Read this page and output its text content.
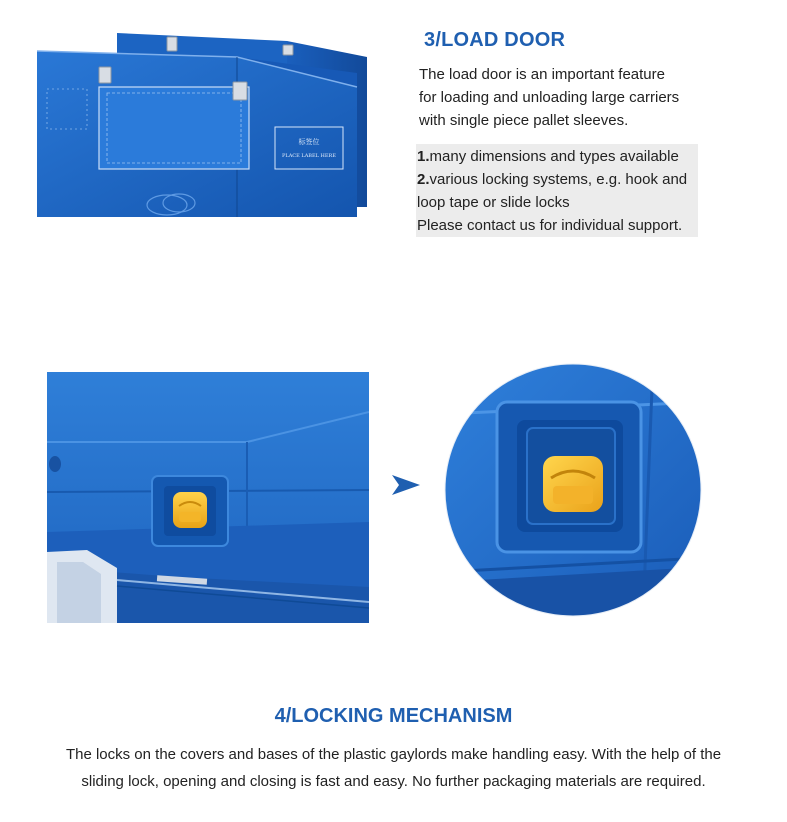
标签位
PLACE LABEL HERE
3/LOAD DOOR
The load door is an important feature
for loading and unloading large carriers
with single piece pallet sleeves.
1.many dimensions and types available
2.various locking systems, e.g. hook and
loop tape or slide locks
Please contact us for individual support.
4/LOCKING MECHANISM
The locks on the covers and bases of the plastic gaylords make handling easy. With the help of the
sliding lock, opening and closing is fast and easy. No further packaging materials are required.
